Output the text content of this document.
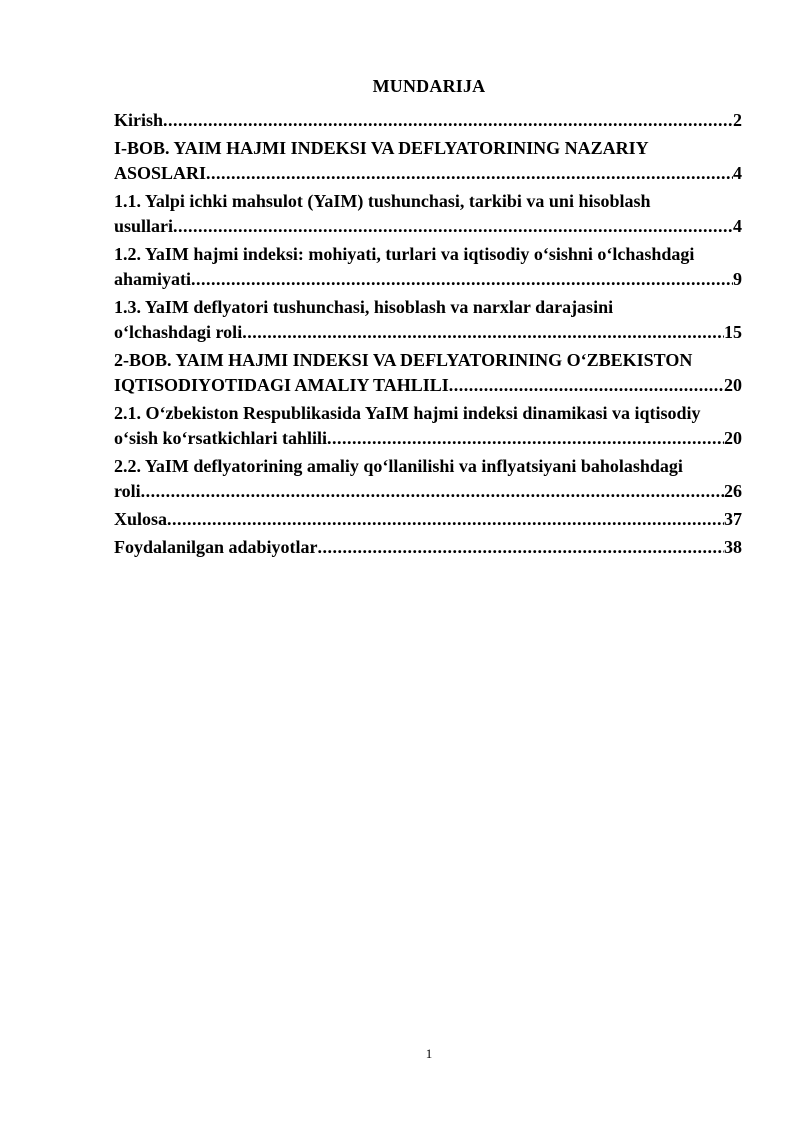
MUNDARIJA
Kirish .....	2
I-BOB. YAIM HAJMI INDEKSI VA DEFLYATORINING NAZARIY
ASOSLARI .....	4
1.1. Yalpi ichki mahsulot (YaIM) tushunchasi, tarkibi va uni hisoblash
usullari .....	4
1.2. YaIM hajmi indeksi: mohiyati, turlari va iqtisodiy o‘sishni o‘lchashdagi
ahamiyati .....	9
1.3. YaIM deflyatori tushunchasi, hisoblash va narxlar darajasini
o‘lchashdagi roli .....	15
2-BOB. YAIM HAJMI INDEKSI VA DEFLYATORINING O‘ZBEKISTON
IQTISODIYOTIDAGI AMALIY TAHLILI .....	20
2.1. O‘zbekiston Respublikasida YaIM hajmi indeksi dinamikasi va iqtisodiy
o‘sish ko‘rsatkichlari tahlili .....	20
2.2. YaIM deflyatorining amaliy qo‘llanilishi va inflyatsiyani baholashdagi
roli .....	26
Xulosa .....	37
Foydalanilgan adabiyotlar .....	38
1
